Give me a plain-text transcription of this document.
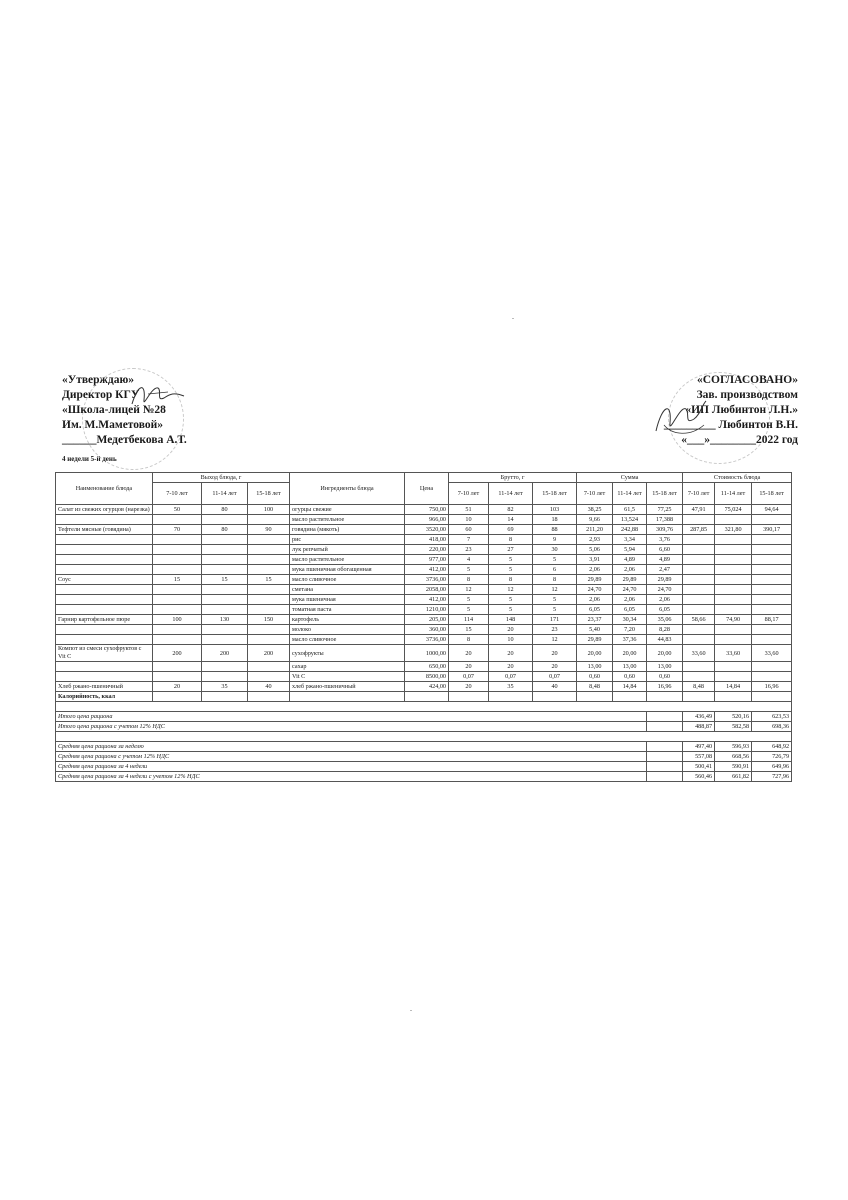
«Утверждаю»
Директор КГУ
«Школа-лицей №28
Им. М.Маметовой»
______Медетбекова А.Т.
«СОГЛАСОВАНО»
Зав. производством
«ИП Любинтон Л.Н.»
_________ Любинтон В.Н.
«___»________2022 год
4 недели 5-й день
Наименование блюда	Выход блюда, г			Ингредиенты блюда	Цена	Брутто, г			Сумма			Стоимость блюда		
	7-10 лет	11-14 лет	15-18 лет			7-10 лет	11-14 лет	15-18 лет	7-10 лет	11-14 лет	15-18 лет	7-10 лет	11-14 лет	15-18 лет
Салат из свежих огурцов (нарезка)	50	80	100	огурцы свежие	750,00	51	82	103	38,25	61,5	77,25	47,91	75,024	94,64
				масло растительное	966,00	10	14	18	9,66	13,524	17,388			
Тефтели мясные (говядина)	70	80	90	говядина (мякоть)	3520,00	60	69	88	211,20	242,88	309,76	287,85	321,80	390,17
				рис	418,00	7	8	9	2,93	3,34	3,76			
				лук репчатый	220,00	23	27	30	5,06	5,94	6,60			
				масло растительное	977,00	4	5	5	3,91	4,89	4,89			
				мука пшеничная обогащенная	412,00	5	5	6	2,06	2,06	2,47			
Соус	15	15	15	масло сливочное	3736,00	8	8	8	29,89	29,89	29,89			
				сметана	2058,00	12	12	12	24,70	24,70	24,70			
				мука пшеничная	412,00	5	5	5	2,06	2,06	2,06			
				томатная паста	1210,00	5	5	5	6,05	6,05	6,05			
Гарнир картофельное пюре	100	130	150	картофель	205,00	114	148	171	23,37	30,34	35,06	58,66	74,90	88,17
				молоко	360,00	15	20	23	5,40	7,20	8,28			
				масло сливочное	3736,00	8	10	12	29,89	37,36	44,83			
Компот из смеси сухофруктов с Vit C	200	200	200	сухофрукты	1000,00	20	20	20	20,00	20,00	20,00	33,60	33,60	33,60
				сахар	650,00	20	20	20	13,00	13,00	13,00			
				Vit C	8500,00	0,07	0,07	0,07	0,60	0,60	0,60			
Хлеб ржано-пшеничный	20	35	40	хлеб ржано-пшеничный	424,00	20	35	40	8,48	14,84	16,96	8,48	14,84	16,96
Калорийность, ккал														

Итого цена рациона												436,49	520,16	623,53
Итого цена рациона с учетом 12% НДС												488,87	582,58	698,36

Средняя цена рациона за неделю												497,40	596,93	648,92
Средняя цена рациона с учетом 12% НДС												557,08	668,56	726,79
Средняя цена рациона за 4 недели												500,41	590,91	649,96
Средняя цена рациона за 4 недели с учетом 12% НДС												560,46	661,82	727,96
